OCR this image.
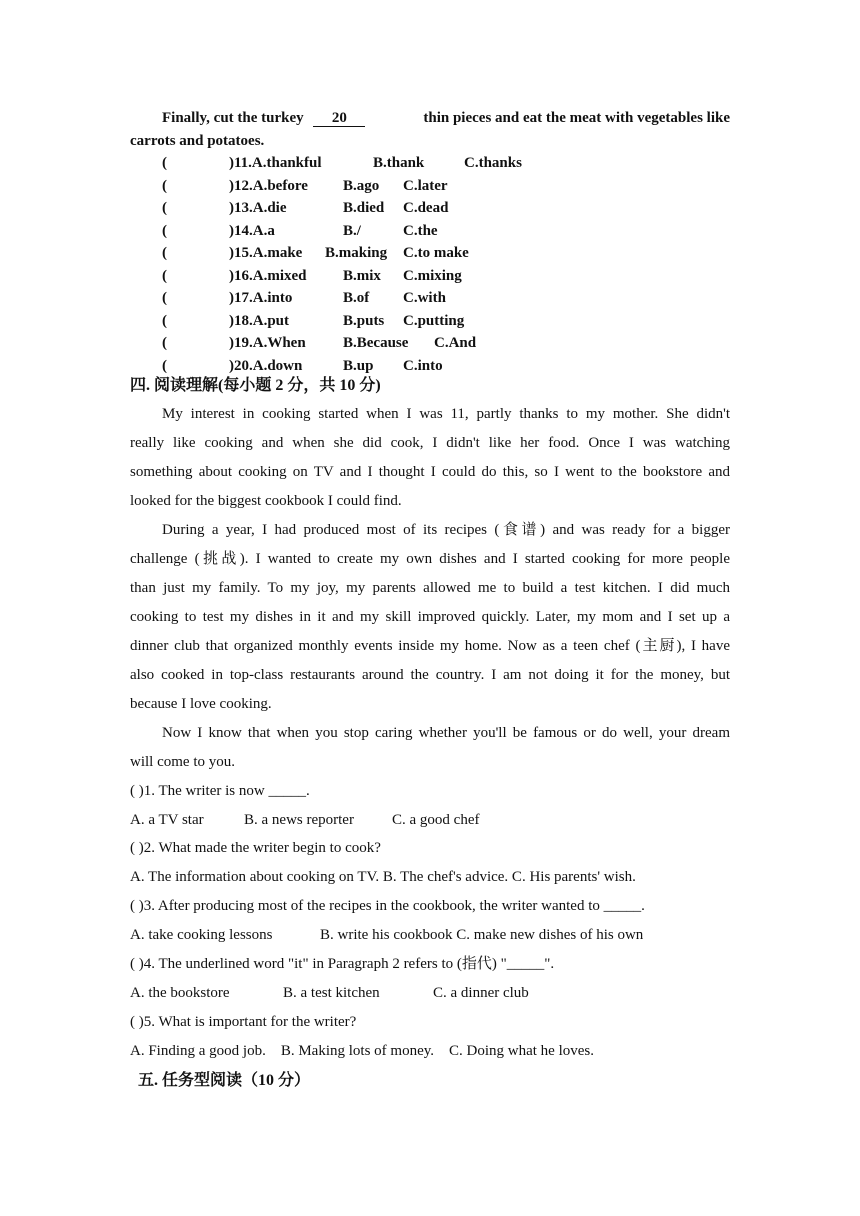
Finally, cut the turkey 20	thin pieces and eat the meat with vegetables like
carrots and potatoes.
(	)11.A.thankful	B.thank	C.thanks
(	)12.A.before B.ago C.later
(	)13.A.die	B.died C.dead
(	)14.A.a	B./	C.the
(	)15.A.make B.making C.to make
(	)16.A.mixed B.mix C.mixing
(	)17.A.into	B.of C.with
(	)18.A.put	B.puts C.putting
(	)19.A.When B.Because C.And
(	)20.A.down	B.up C.into
四. 阅读理解(每小题 2 分，共 10 分)
My interest in cooking started when I was 11, partly thanks to my mother. She didn't
really like cooking and when she did cook, I didn't like her food. Once I was watching
something about cooking on TV and I thought I could do this, so I went to the bookstore and
looked for the biggest cookbook I could find.
During a year, I had produced most of its recipes (食谱) and was ready for a bigger
challenge (挑战). I wanted to create my own dishes and I started cooking for more people
than just my family. To my joy, my parents allowed me to build a test kitchen. I did much
cooking to test my dishes in it and my skill improved quickly. Later, my mom and I set up a
dinner club that organized monthly events inside my home. Now as a teen chef (主厨), I have
also cooked in top-class restaurants around the country. I am not doing it for the money, but
because I love cooking.
Now I know that when you stop caring whether you'll be famous or do well, your dream
will come to you.
( )1. The writer is now _____.
A. a TV star	B. a news reporter	C. a good chef
( )2. What made the writer begin to cook?
A. The information about cooking on TV. B. The chef's advice. C. His parents' wish.
( )3. After producing most of the recipes in the cookbook, the writer wanted to _____.
A. take cooking lessons	B. write his cookbook C. make new dishes of his own
( )4. The underlined word "it" in Paragraph 2 refers to (指代) "_____".
A. the bookstore	B. a test kitchen	C. a dinner club
( )5. What is important for the writer?
A. Finding a good job.    B. Making lots of money.    C. Doing what he loves.
五. 任务型阅读（10 分）
